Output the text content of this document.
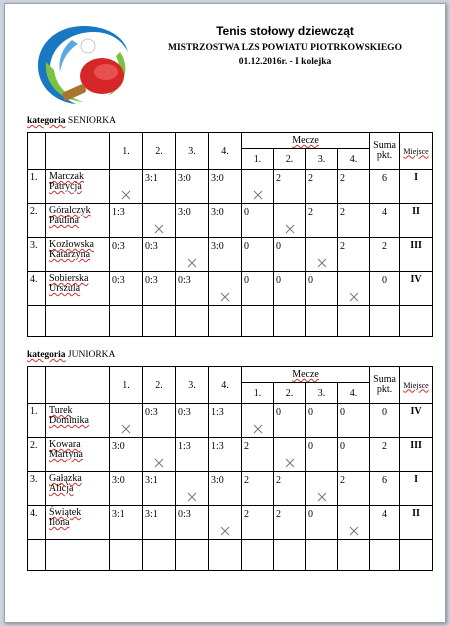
Tenis stołowy dziewcząt
MISTRZOSTWA LZS POWIATU PIOTRKOWSKIEGO
01.12.2016r. - I kolejka
kategoria SENIORKA
		1.	2.	3.	4.	Mecze				Suma
pkt.	Miejsce
						1.	2.	3.	4.		
1.	Marczak
Patrycja		3:1	3:0	3:0		2	2	2	6	I
2.	Góralczyk
Paulina	1:3		3:0	3:0	0		2	2	4	II
3.	Kozłowska
Katarzyna	0:3	0:3		3:0	0	0		2	2	III
4.	Sobierska
Urszula	0:3	0:3	0:3		0	0	0		0	IV

kategoria JUNIORKA
		1.	2.	3.	4.	Mecze				Suma
pkt.	Miejsce
						1.	2.	3.	4.		
1.	Turek
Dominika		0:3	0:3	1:3		0	0	0	0	IV
2.	Kowara
Martyna	3:0		1:3	1:3	2		0	0	2	III
3.	Gałązka
Alicja	3:0	3:1		3:0	2	2		2	6	I
4.	Świątek
Ilona	3:1	3:1	0:3		2	2	0		4	II
